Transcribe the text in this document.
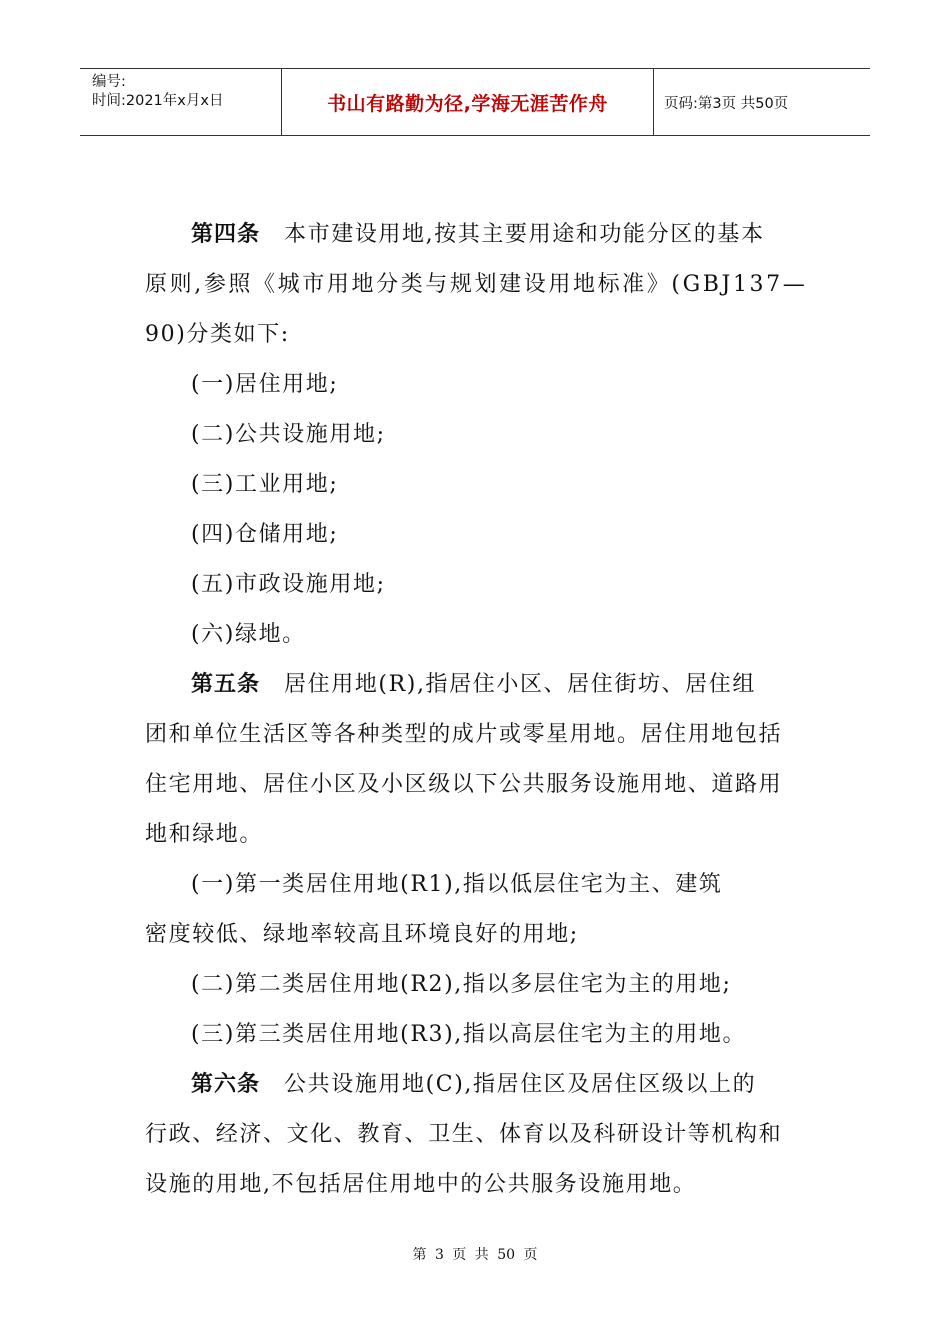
编号:
时间:2021年x月x日	书山有路勤为径,学海无涯苦作舟	页码:第3页 共50页
第四条 本市建设用地,按其主要用途和功能分区的基本
原 则 , 参 照 《 城 市 用 地 分 类 与 规 划 建 设 用 地 标 准 》 ( G B J 1 3 7 —
90)分类如下:
(一)居住用地;
(二)公共设施用地;
(三)工业用地;
(四)仓储用地;
(五)市政设施用地;
(六)绿地。
第五条 居住用地(R),指居住小区、居住街坊、居住组
团和单位生活区等各种类型的成片或零星用地。居住用地包括
住宅用地、居住小区及小区级以下公共服务设施用地、道路用
地和绿地。
(一)第一类居住用地(R1),指以低层住宅为主、建筑
密度较低、绿地率较高且环境良好的用地;
(二)第二类居住用地(R2),指以多层住宅为主的用地;
(三)第三类居住用地(R3),指以高层住宅为主的用地。
第六条 公共设施用地(C),指居住区及居住区级以上的
行政、经济、文化、教育、卫生、体育以及科研设计等机构和
设施的用地,不包括居住用地中的公共服务设施用地。
第 3 页 共 50 页
